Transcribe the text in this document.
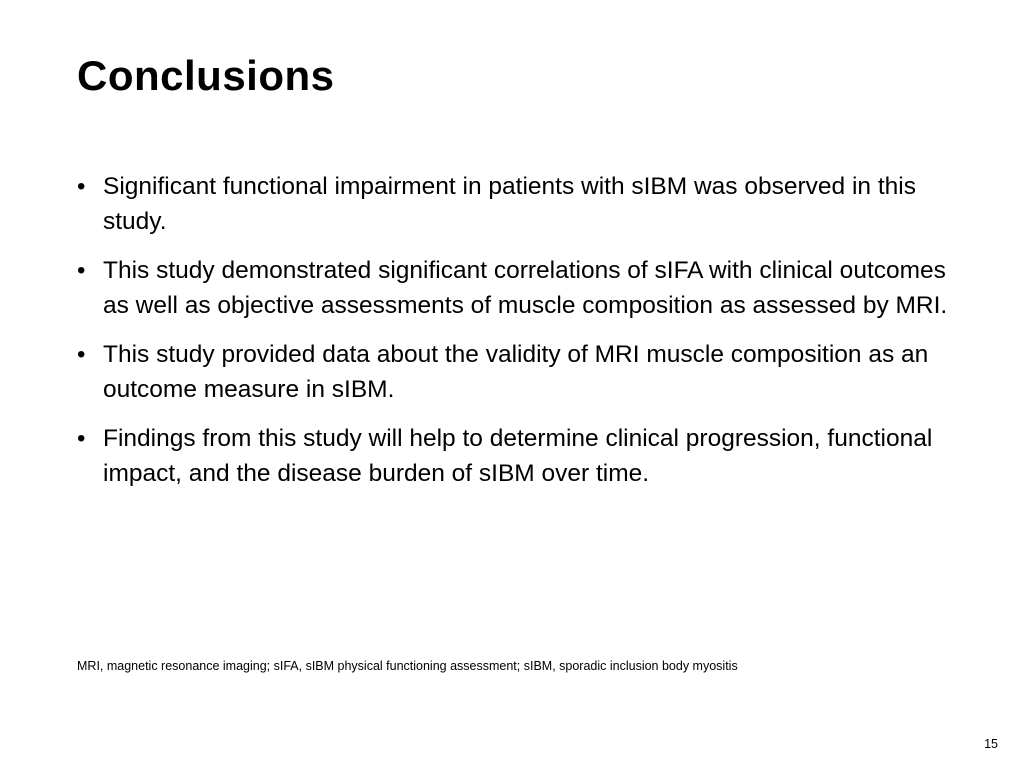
Conclusions
• Significant functional impairment in patients with sIBM was observed in this study.
• This study demonstrated significant correlations of sIFA with clinical outcomes as well as objective assessments of muscle composition as assessed by MRI.
• This study provided data about the validity of MRI muscle composition as an outcome measure in sIBM.
• Findings from this study will help to determine clinical progression, functional impact, and the disease burden of sIBM over time.

MRI, magnetic resonance imaging; sIFA, sIBM physical functioning assessment; sIBM, sporadic inclusion body myositis

15
